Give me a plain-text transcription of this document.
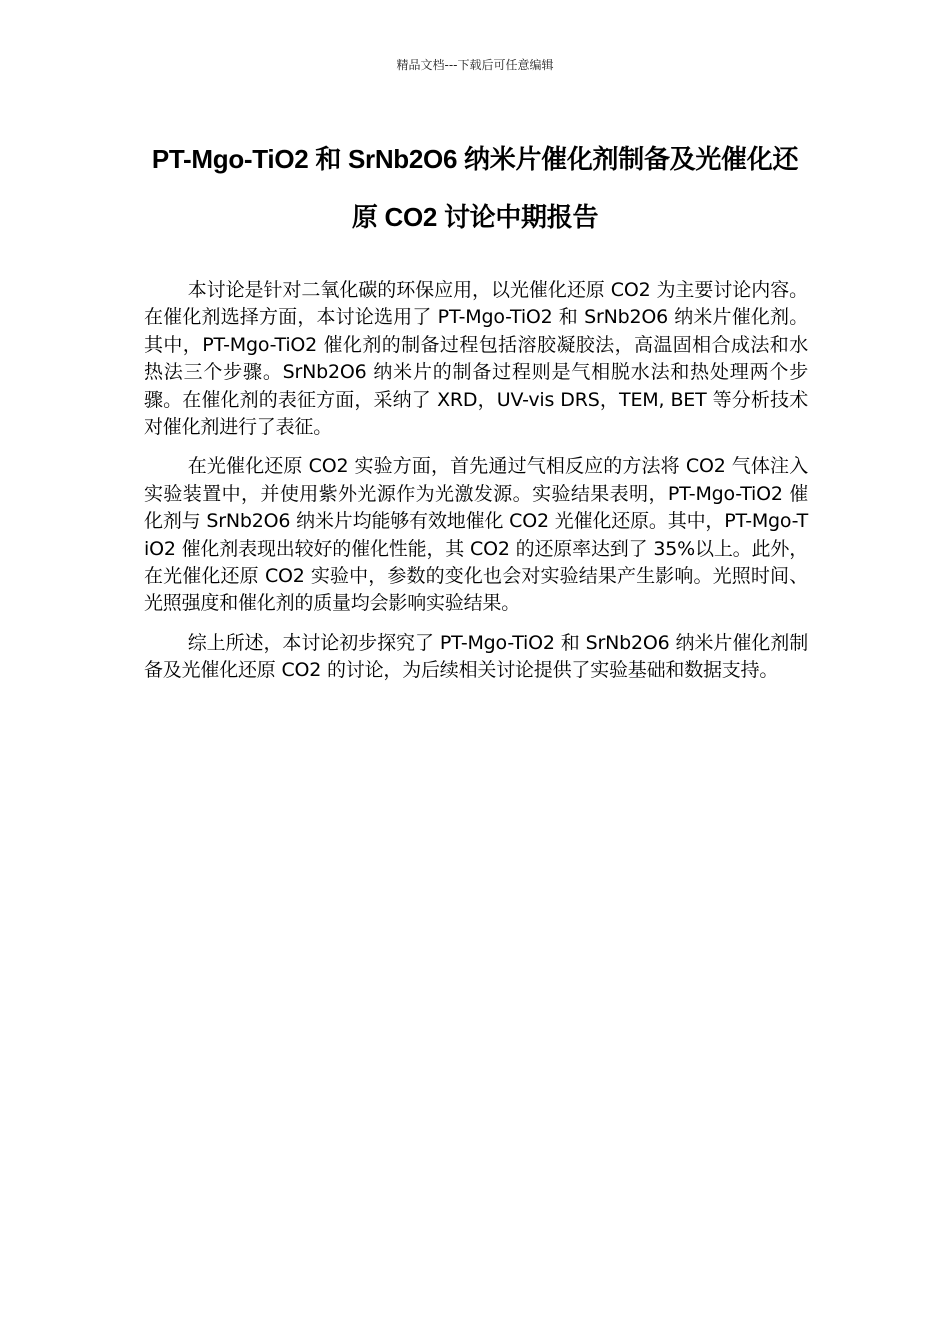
精品文档---下载后可任意编辑
PT-Mgo-TiO2 和 SrNb2O6 纳米片催化剂制备及光催化还原 CO2 讨论中期报告

本讨论是针对二氧化碳的环保应用，以光催化还原 CO2 为主要讨论内容。在催化剂选择方面，本讨论选用了 PT-Mgo-TiO2 和 SrNb2O6 纳米片催化剂。其中，PT-Mgo-TiO2 催化剂的制备过程包括溶胶凝胶法，高温固相合成法和水热法三个步骤。SrNb2O6 纳米片的制备过程则是气相脱水法和热处理两个步骤。在催化剂的表征方面，采纳了 XRD，UV-vis DRS，TEM, BET 等分析技术对催化剂进行了表征。

在光催化还原 CO2 实验方面，首先通过气相反应的方法将 CO2 气体注入实验装置中，并使用紫外光源作为光激发源。实验结果表明，PT-Mgo-TiO2 催化剂与 SrNb2O6 纳米片均能够有效地催化 CO2 光催化还原。其中，PT-Mgo-TiO2 催化剂表现出较好的催化性能，其 CO2 的还原率达到了 35%以上。此外，在光催化还原 CO2 实验中，参数的变化也会对实验结果产生影响。光照时间、光照强度和催化剂的质量均会影响实验结果。

综上所述，本讨论初步探究了 PT-Mgo-TiO2 和 SrNb2O6 纳米片催化剂制备及光催化还原 CO2 的讨论，为后续相关讨论提供了实验基础和数据支持。
